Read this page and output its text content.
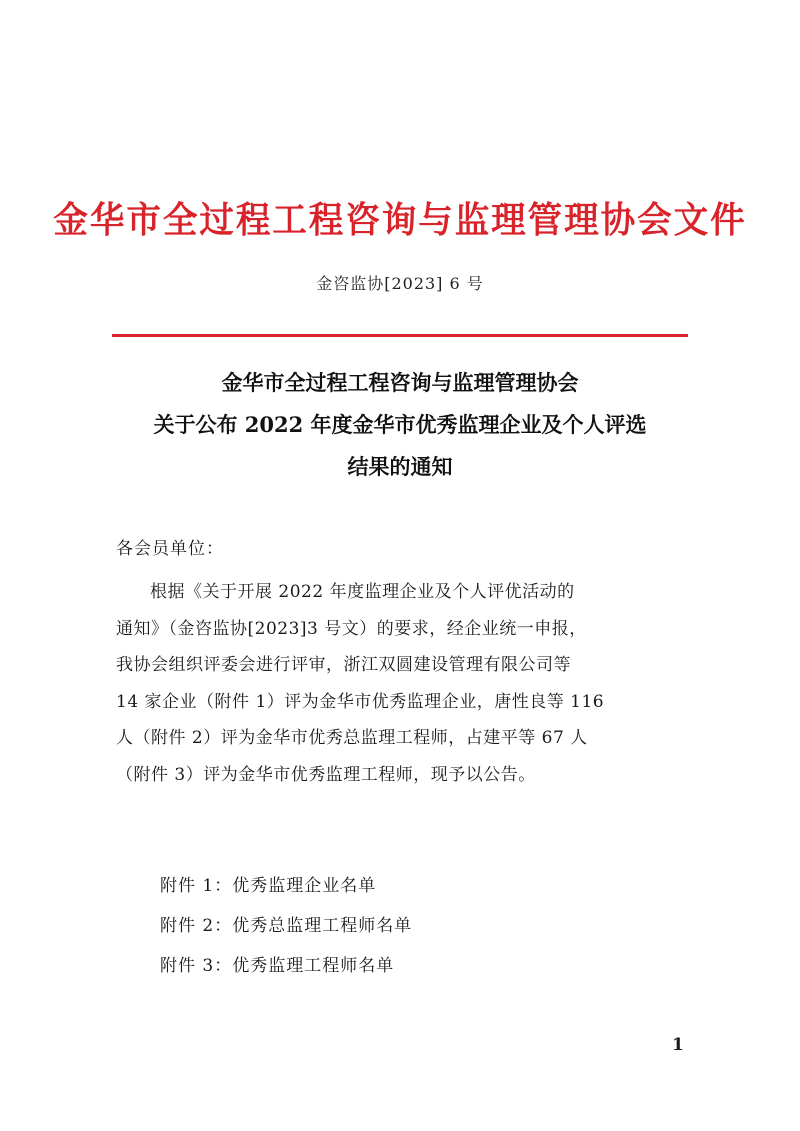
金华市全过程工程咨询与监理管理协会文件
金咨监协[2023] 6 号
金华市全过程工程咨询与监理管理协会
关于公布 2022 年度金华市优秀监理企业及个人评选
结果的通知
各会员单位：
根据《关于开展 2022 年度监理企业及个人评优活动的
通知》（金咨监协[2023]3 号文）的要求，经企业统一申报，
我协会组织评委会进行评审，浙江双圆建设管理有限公司等
14 家企业（附件 1）评为金华市优秀监理企业，唐性良等 116
人（附件 2）评为金华市优秀总监理工程师，占建平等 67 人
（附件 3）评为金华市优秀监理工程师，现予以公告。
附件 1：优秀监理企业名单
附件 2：优秀总监理工程师名单
附件 3：优秀监理工程师名单
1
